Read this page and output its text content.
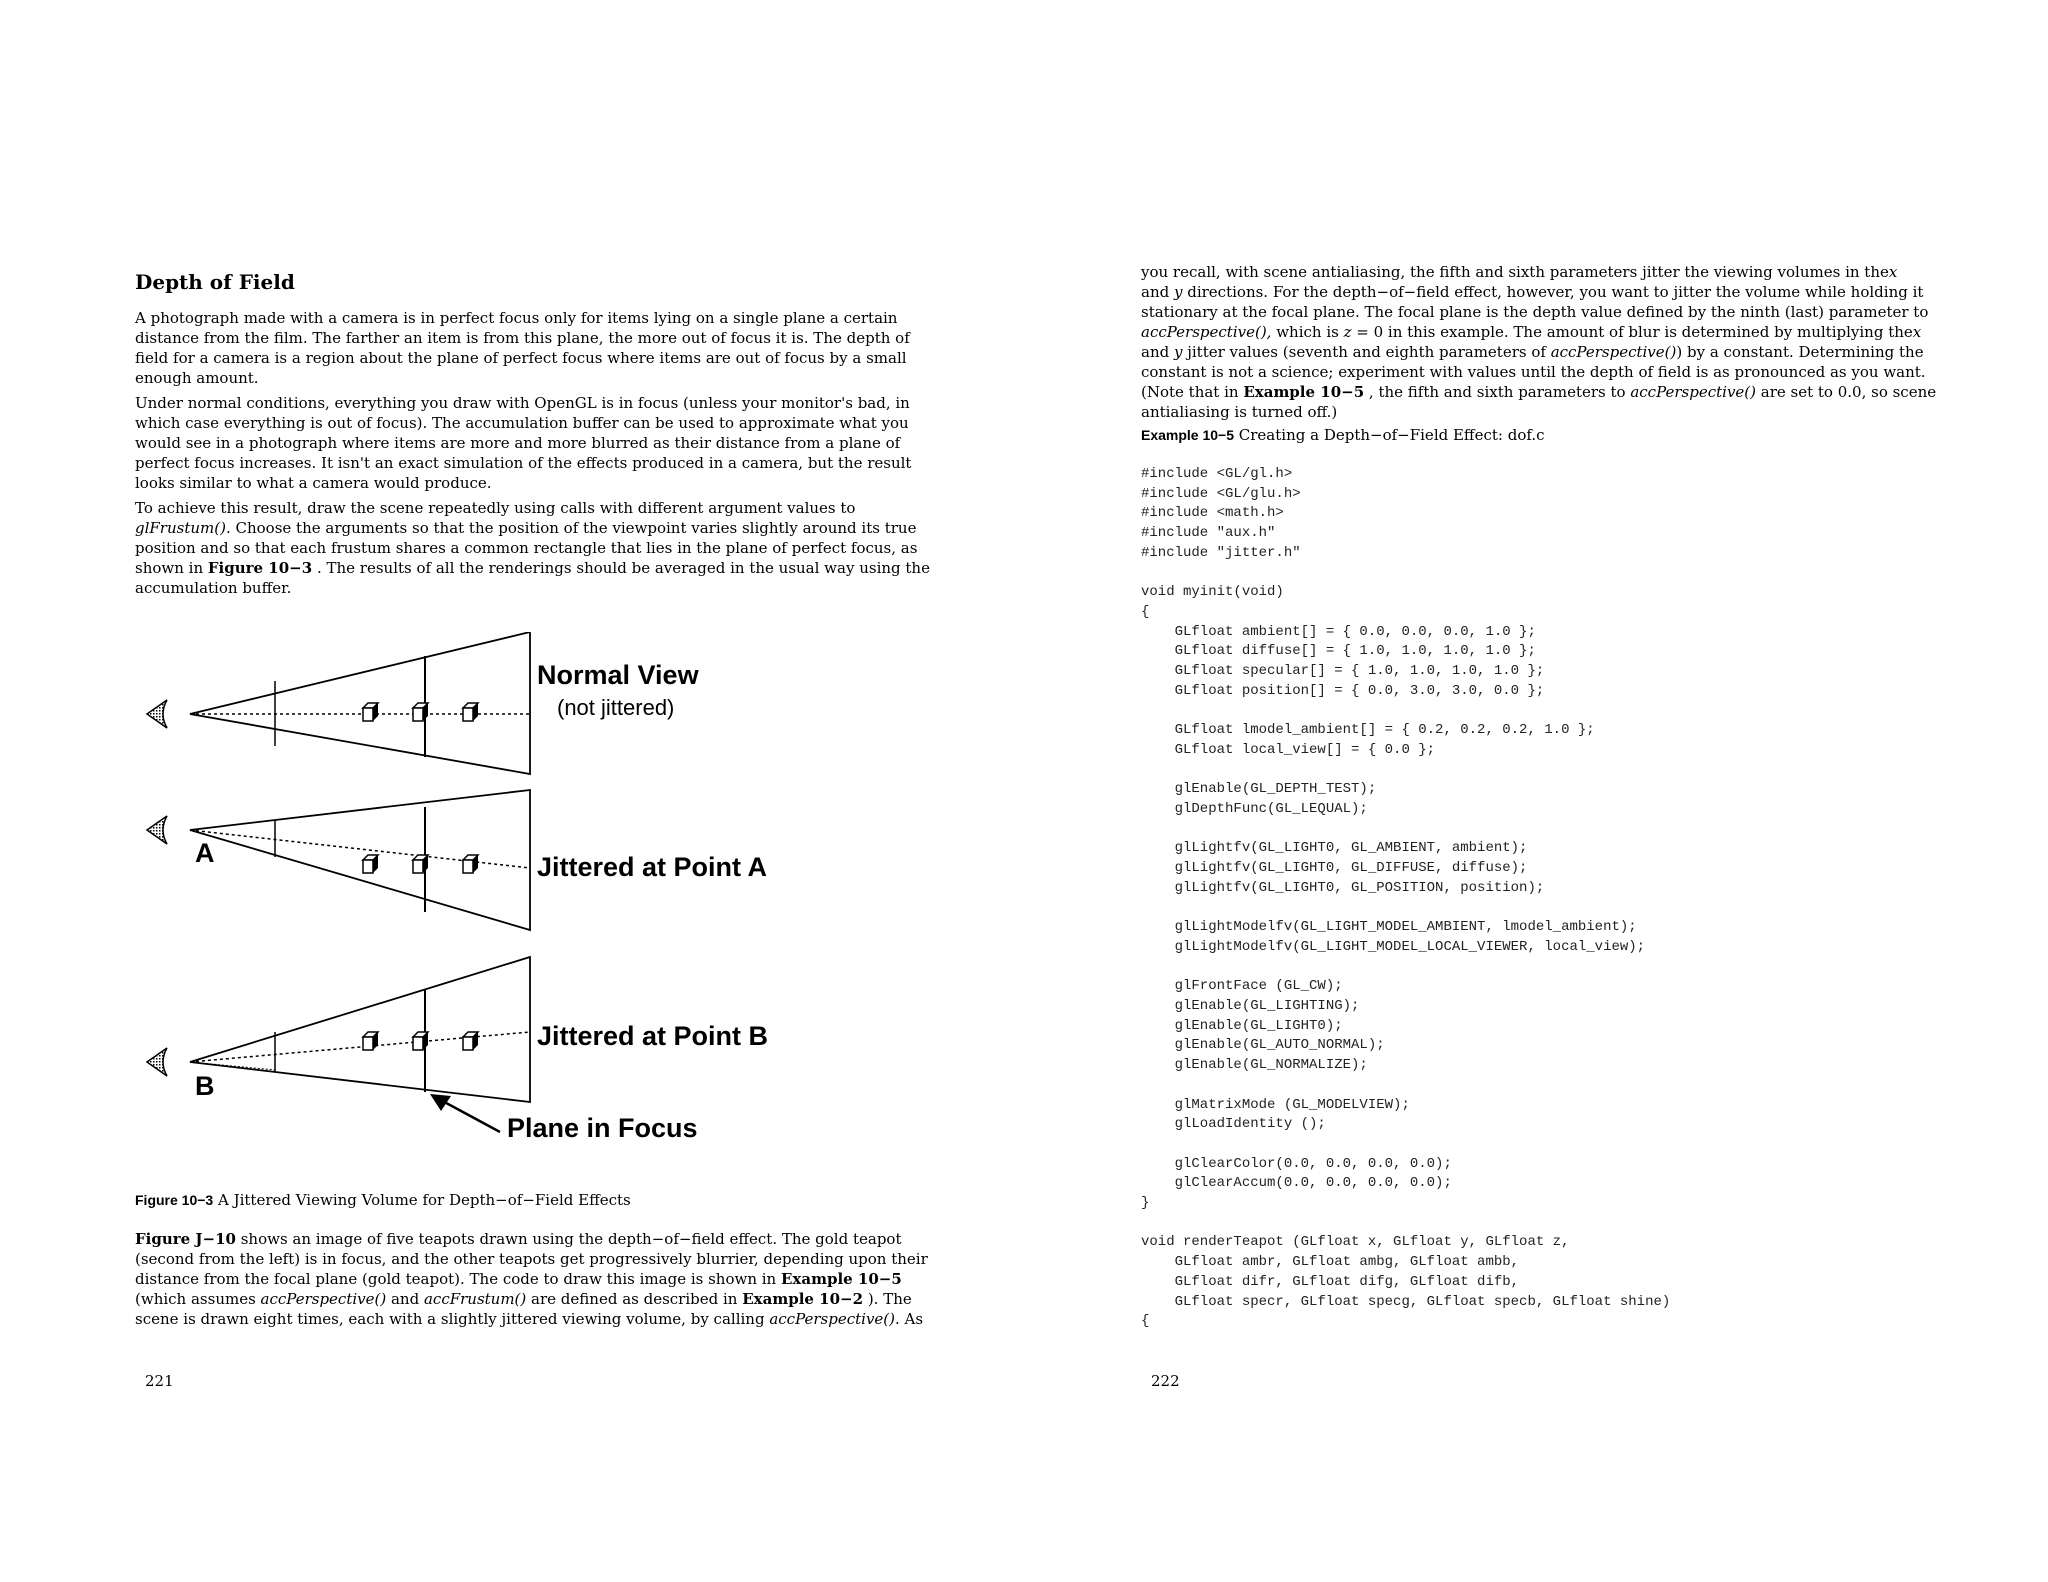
Depth of Field

A photograph made with a camera is in perfect focus only for items lying on a single plane a certain
distance from the film. The farther an item is from this plane, the more out of focus it is. The depth of
field for a camera is a region about the plane of perfect focus where items are out of focus by a small
enough amount.

Under normal conditions, everything you draw with OpenGL is in focus (unless your monitor's bad, in
which case everything is out of focus). The accumulation buffer can be used to approximate what you
would see in a photograph where items are more and more blurred as their distance from a plane of
perfect focus increases. It isn't an exact simulation of the effects produced in a camera, but the result
looks similar to what a camera would produce.

To achieve this result, draw the scene repeatedly using calls with different argument values to
glFrustum(). Choose the arguments so that the position of the viewpoint varies slightly around its true
position and so that each frustum shares a common rectangle that lies in the plane of perfect focus, as
shown in Figure 10−3 . The results of all the renderings should be averaged in the usual way using the
accumulation buffer.

Normal View
(not jittered)
A	Jittered at Point A
B
Jittered at Point B
Plane in Focus

Figure 10−3 A Jittered Viewing Volume for Depth−of−Field Effects

Figure J−10 shows an image of five teapots drawn using the depth−of−field effect. The gold teapot
(second from the left) is in focus, and the other teapots get progressively blurrier, depending upon their
distance from the focal plane (gold teapot). The code to draw this image is shown in Example 10−5
(which assumes accPerspective() and accFrustum() are defined as described in Example 10−2 ). The
scene is drawn eight times, each with a slightly jittered viewing volume, by calling accPerspective(). As

221

you recall, with scene antialiasing, the fifth and sixth parameters jitter the viewing volumes in thex
and y directions. For the depth−of−field effect, however, you want to jitter the volume while holding it
stationary at the focal plane. The focal plane is the depth value defined by the ninth (last) parameter to
accPerspective(), which is z = 0 in this example. The amount of blur is determined by multiplying thex
and y jitter values (seventh and eighth parameters of accPerspective()) by a constant. Determining the
constant is not a science; experiment with values until the depth of field is as pronounced as you want.
(Note that in Example 10−5 , the fifth and sixth parameters to accPerspective() are set to 0.0, so scene
antialiasing is turned off.)

Example 10−5 Creating a Depth−of−Field Effect: dof.c

#include <GL/gl.h>
#include <GL/glu.h>
#include <math.h>
#include "aux.h"
#include "jitter.h"

void myinit(void)
{
GLfloat ambient[] = { 0.0, 0.0, 0.0, 1.0 };
GLfloat diffuse[] = { 1.0, 1.0, 1.0, 1.0 };
GLfloat specular[] = { 1.0, 1.0, 1.0, 1.0 };
GLfloat position[] = { 0.0, 3.0, 3.0, 0.0 };

GLfloat lmodel_ambient[] = { 0.2, 0.2, 0.2, 1.0 };
GLfloat local_view[] = { 0.0 };

glEnable(GL_DEPTH_TEST);
glDepthFunc(GL_LEQUAL);

glLightfv(GL_LIGHT0, GL_AMBIENT, ambient);
glLightfv(GL_LIGHT0, GL_DIFFUSE, diffuse);
glLightfv(GL_LIGHT0, GL_POSITION, position);

glLightModelfv(GL_LIGHT_MODEL_AMBIENT, lmodel_ambient);
glLightModelfv(GL_LIGHT_MODEL_LOCAL_VIEWER, local_view);

glFrontFace (GL_CW);
glEnable(GL_LIGHTING);
glEnable(GL_LIGHT0);
glEnable(GL_AUTO_NORMAL);
glEnable(GL_NORMALIZE);

glMatrixMode (GL_MODELVIEW);
glLoadIdentity ();

glClearColor(0.0, 0.0, 0.0, 0.0);
glClearAccum(0.0, 0.0, 0.0, 0.0);
}

void renderTeapot (GLfloat x, GLfloat y, GLfloat z,
GLfloat ambr, GLfloat ambg, GLfloat ambb,
GLfloat difr, GLfloat difg, GLfloat difb,
GLfloat specr, GLfloat specg, GLfloat specb, GLfloat shine)
{

222
